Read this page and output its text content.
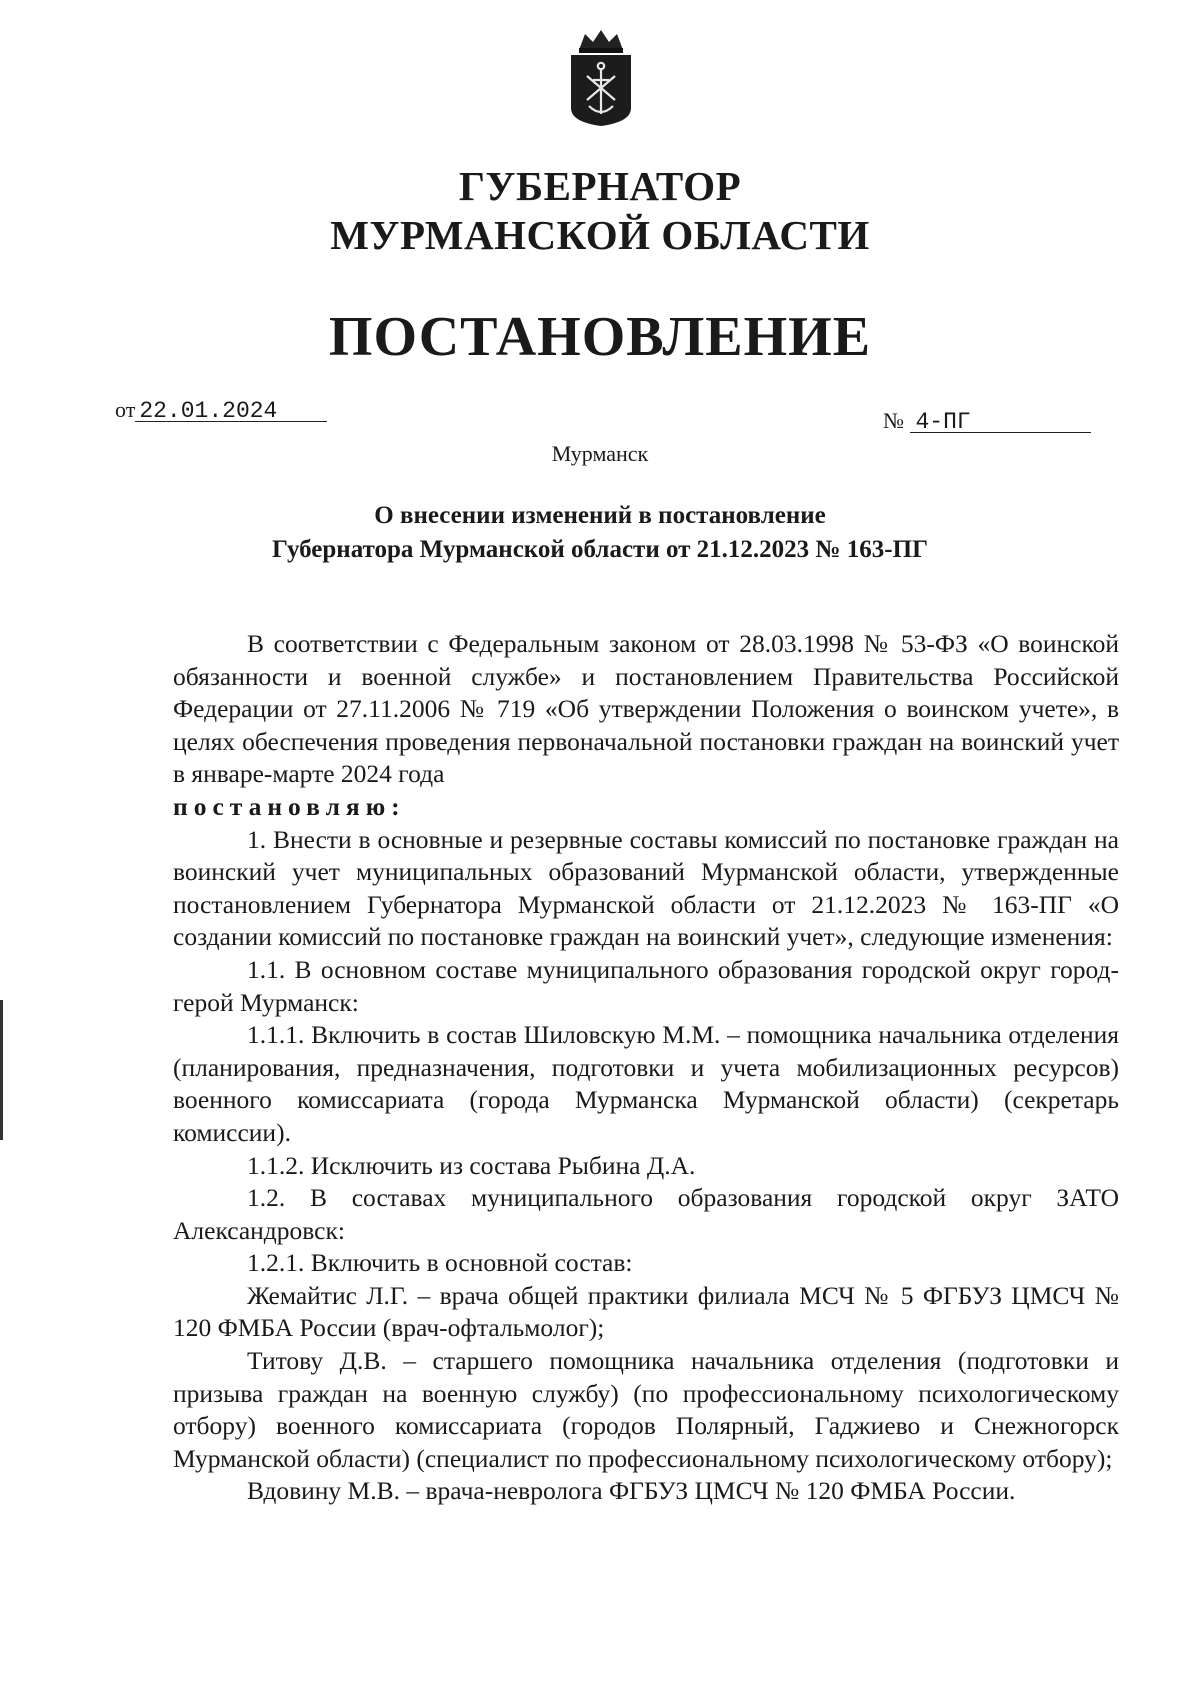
ГУБЕРНАТОР
МУРМАНСКОЙ ОБЛАСТИ
ПОСТАНОВЛЕНИЕ
от 22.01.2024	№ 4-ПГ
Мурманск
О внесении изменений в постановление
Губернатора Мурманской области от 21.12.2023 № 163-ПГ

В соответствии с Федеральным законом от 28.03.1998 № 53-ФЗ «О воинской обязанности и военной службе» и постановлением Правительства Российской Федерации от 27.11.2006 № 719 «Об утверждении Положения о воинском учете», в целях обеспечения проведения первоначальной постановки граждан на воинский учет в январе-марте 2024 года

постановляю:

1. Внести в основные и резервные составы комиссий по постановке граждан на воинский учет муниципальных образований Мурманской области, утвержденные постановлением Губернатора Мурманской области от 21.12.2023 № 163-ПГ «О создании комиссий по постановке граждан на воинский учет», следующие изменения:

1.1. В основном составе муниципального образования городской округ город-герой Мурманск:

1.1.1. Включить в состав Шиловскую М.М. – помощника начальника отделения (планирования, предназначения, подготовки и учета мобилизационных ресурсов) военного комиссариата (города Мурманска Мурманской области) (секретарь комиссии).

1.1.2. Исключить из состава Рыбина Д.А.

1.2. В составах муниципального образования городской округ ЗАТО Александровск:

1.2.1. Включить в основной состав:

Жемайтис Л.Г. – врача общей практики филиала МСЧ № 5 ФГБУЗ ЦМСЧ № 120 ФМБА России (врач-офтальмолог);

Титову Д.В. – старшего помощника начальника отделения (подготовки и призыва граждан на военную службу) (по профессиональному психологическому отбору) военного комиссариата (городов Полярный, Гаджиево и Снежногорск Мурманской области) (специалист по профессиональному психологическому отбору);

Вдовину М.В. – врача-невролога ФГБУЗ ЦМСЧ № 120 ФМБА России.
